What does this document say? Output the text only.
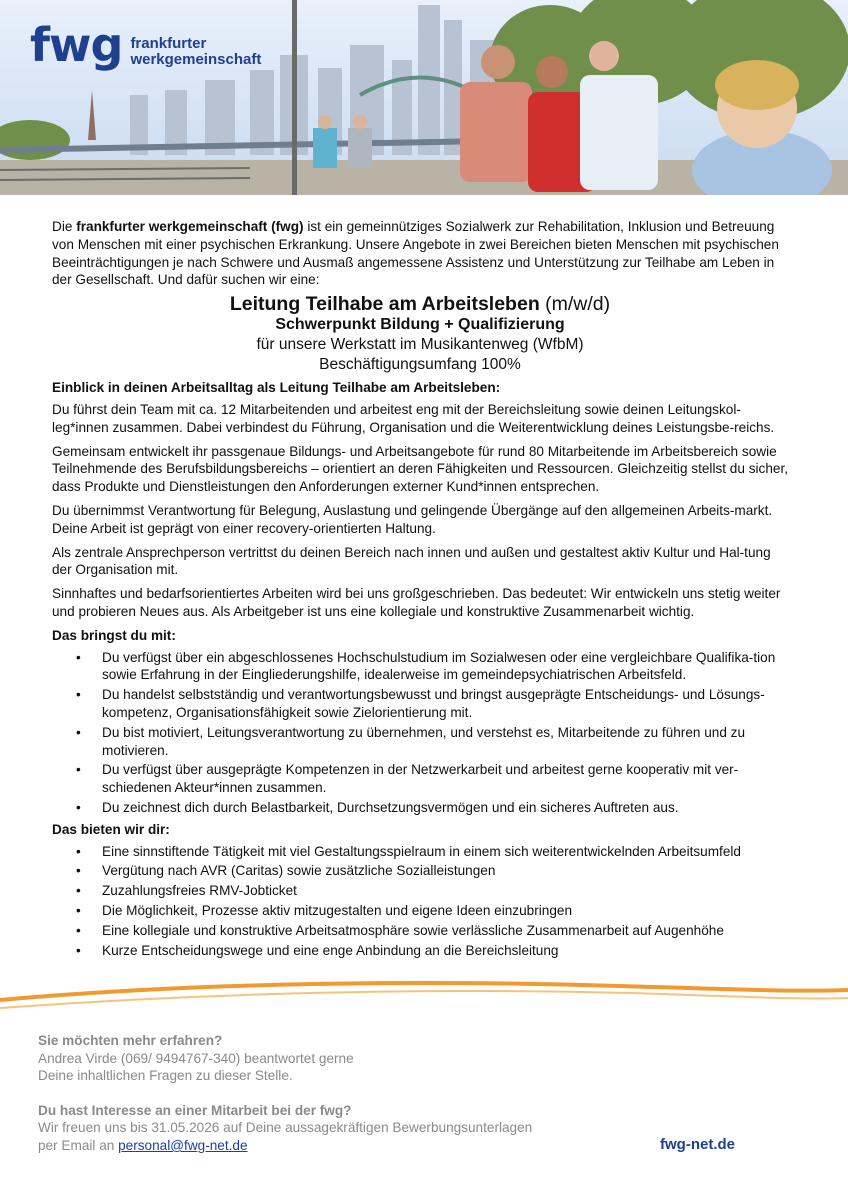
fwg frankfurter
werkgemeinschaft

Die frankfurter werkgemeinschaft (fwg) ist ein gemeinnütziges Sozialwerk zur Rehabilitation, Inklusion und Betreuung von Menschen mit einer psychischen Erkrankung. Unsere Angebote in zwei Bereichen bieten Menschen mit psychischen Beeinträchtigungen je nach Schwere und Ausmaß angemessene Assistenz und Unterstützung zur Teilhabe am Leben in der Gesellschaft. Und dafür suchen wir eine:

Leitung Teilhabe am Arbeitsleben (m/w/d)
Schwerpunkt Bildung + Qualifizierung
für unsere Werkstatt im Musikantenweg (WfbM)
Beschäftigungsumfang 100%
Einblick in deinen Arbeitsalltag als Leitung Teilhabe am Arbeitsleben:

Du führst dein Team mit ca. 12 Mitarbeitenden und arbeitest eng mit der Bereichsleitung sowie deinen Leitungskol-leg*innen zusammen. Dabei verbindest du Führung, Organisation und die Weiterentwicklung deines Leistungsbe-reichs.

Gemeinsam entwickelt ihr passgenaue Bildungs- und Arbeitsangebote für rund 80 Mitarbeitende im Arbeitsbereich sowie Teilnehmende des Berufsbildungsbereichs – orientiert an deren Fähigkeiten und Ressourcen. Gleichzeitig stellst du sicher, dass Produkte und Dienstleistungen den Anforderungen externer Kund*innen entsprechen.

Du übernimmst Verantwortung für Belegung, Auslastung und gelingende Übergänge auf den allgemeinen Arbeits-markt. Deine Arbeit ist geprägt von einer recovery-orientierten Haltung.

Als zentrale Ansprechperson vertrittst du deinen Bereich nach innen und außen und gestaltest aktiv Kultur und Hal-tung der Organisation mit.

Sinnhaftes und bedarfsorientiertes Arbeiten wird bei uns großgeschrieben. Das bedeutet: Wir entwickeln uns stetig weiter und probieren Neues aus. Als Arbeitgeber ist uns eine kollegiale und konstruktive Zusammenarbeit wichtig.

Das bringst du mit:
• Du verfügst über ein abgeschlossenes Hochschulstudium im Sozialwesen oder eine vergleichbare Qualifika-tion sowie Erfahrung in der Eingliederungshilfe, idealerweise im gemeindepsychiatrischen Arbeitsfeld.
• Du handelst selbstständig und verantwortungsbewusst und bringst ausgeprägte Entscheidungs- und Lösungs-kompetenz, Organisationsfähigkeit sowie Zielorientierung mit.
• Du bist motiviert, Leitungsverantwortung zu übernehmen, und verstehst es, Mitarbeitende zu führen und zu motivieren.
• Du verfügst über ausgeprägte Kompetenzen in der Netzwerkarbeit und arbeitest gerne kooperativ mit ver-schiedenen Akteur*innen zusammen.
• Du zeichnest dich durch Belastbarkeit, Durchsetzungsvermögen und ein sicheres Auftreten aus.
Das bieten wir dir:
• Eine sinnstiftende Tätigkeit mit viel Gestaltungsspielraum in einem sich weiterentwickelnden Arbeitsumfeld
• Vergütung nach AVR (Caritas) sowie zusätzliche Sozialleistungen
• Zuzahlungsfreies RMV-Jobticket
• Die Möglichkeit, Prozesse aktiv mitzugestalten und eigene Ideen einzubringen
• Eine kollegiale und konstruktive Arbeitsatmosphäre sowie verlässliche Zusammenarbeit auf Augenhöhe
• Kurze Entscheidungswege und eine enge Anbindung an die Bereichsleitung
Sie möchten mehr erfahren?
Andrea Virde (069/ 9494767-340) beantwortet gerne
Deine inhaltlichen Fragen zu dieser Stelle.
Du hast Interesse an einer Mitarbeit bei der fwg?
Wir freuen uns bis 31.05.2026 auf Deine aussagekräftigen Bewerbungsunterlagen
per Email an personal@fwg-net.de	fwg-net.de
